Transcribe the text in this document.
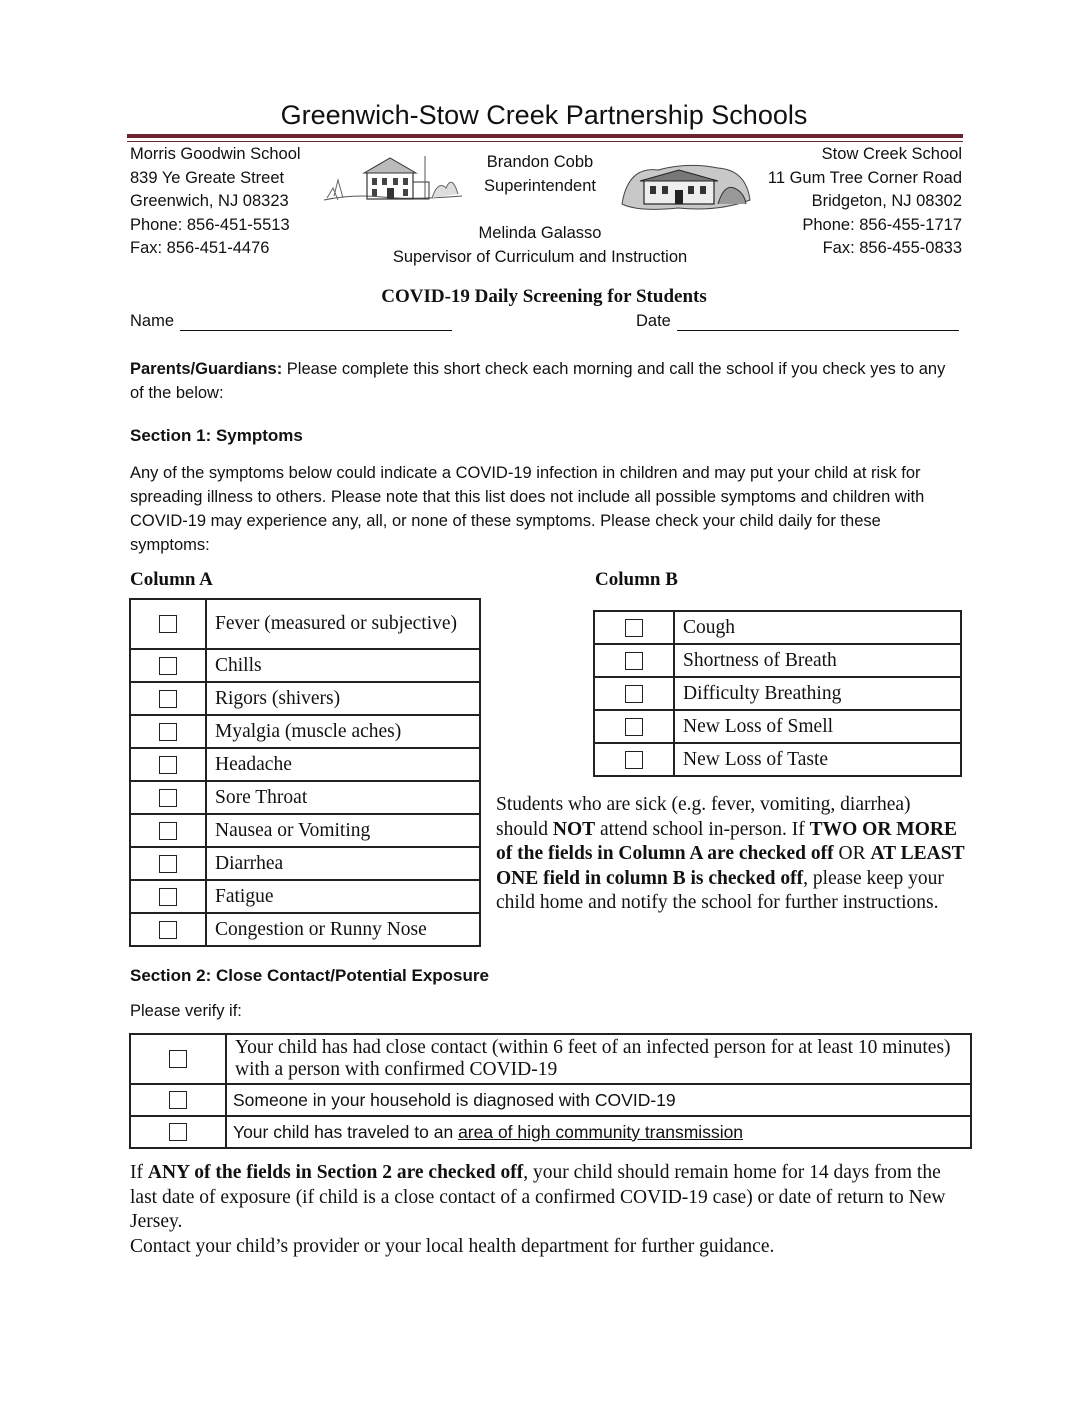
Greenwich-Stow Creek Partnership Schools
Morris Goodwin School
839 Ye Greate Street
Greenwich, NJ 08323
Phone: 856-451-5513
Fax: 856-451-4476
Brandon Cobb
Superintendent
Melinda Galasso
Supervisor of Curriculum and Instruction
Stow Creek School
11 Gum Tree Corner Road
Bridgeton, NJ 08302
Phone: 856-455-1717
Fax: 856-455-0833
COVID-19 Daily Screening for Students
Name	Date
Parents/Guardians: Please complete this short check each morning and call the school if you check yes to any of the below:
Section 1: Symptoms
Any of the symptoms below could indicate a COVID-19 infection in children and may put your child at risk for spreading illness to others. Please note that this list does not include all possible symptoms and children with COVID-19 may experience any, all, or none of these symptoms. Please check your child daily for these symptoms:
Column A	Column B
	Fever (measured or subjective)
	Chills
	Rigors (shivers)
	Myalgia (muscle aches)
	Headache
	Sore Throat
	Nausea or Vomiting
	Diarrhea
	Fatigue
	Congestion or Runny Nose
	Cough
	Shortness of Breath
	Difficulty Breathing
	New Loss of Smell
	New Loss of Taste
Students who are sick (e.g. fever, vomiting, diarrhea) should NOT attend school in-person. If TWO OR MORE of the fields in Column A are checked off OR AT LEAST ONE field in column B is checked off, please keep your child home and notify the school for further instructions.
Section 2: Close Contact/Potential Exposure
Please verify if:
	Your child has had close contact (within 6 feet of an infected person for at least 10 minutes) with a person with confirmed COVID-19
	Someone in your household is diagnosed with COVID-19
	Your child has traveled to an area of high community transmission
If ANY of the fields in Section 2 are checked off, your child should remain home for 14 days from the last date of exposure (if child is a close contact of a confirmed COVID-19 case) or date of return to New Jersey.
Contact your child’s provider or your local health department for further guidance.
